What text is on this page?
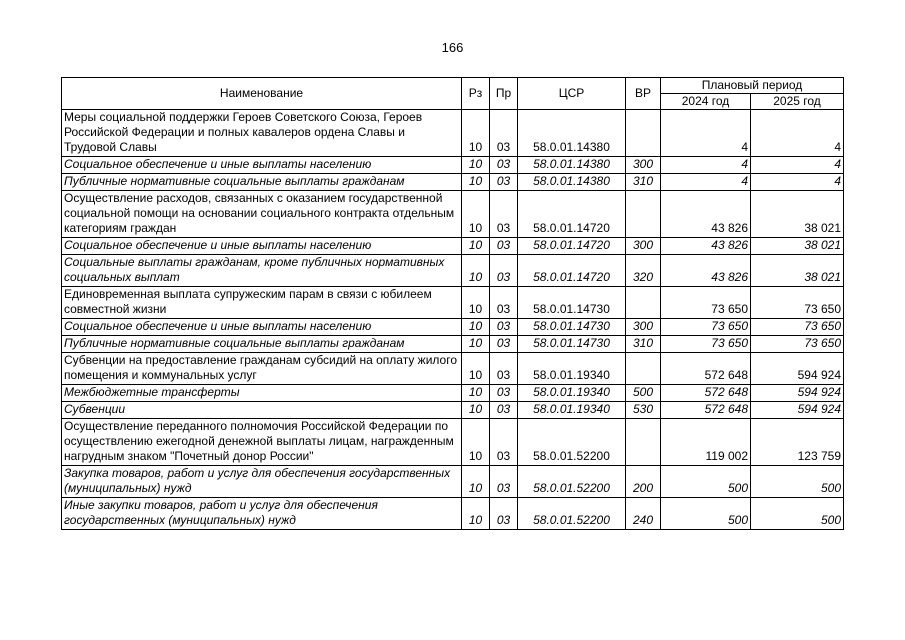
166
Наименование	Рз	Пр	ЦСР	ВР	Плановый период	
					2024 год	2025 год
Меры социальной поддержки Героев Советского Союза, Героев Российской Федерации и полных кавалеров ордена Славы и Трудовой Славы	10	03	58.0.01.14380		4	4
Социальное обеспечение и иные выплаты населению	10	03	58.0.01.14380	300	4	4
Публичные нормативные социальные выплаты гражданам	10	03	58.0.01.14380	310	4	4
Осуществление расходов, связанных с оказанием государственной социальной помощи на основании социального контракта отдельным категориям граждан	10	03	58.0.01.14720		43 826	38 021
Социальное обеспечение и иные выплаты населению	10	03	58.0.01.14720	300	43 826	38 021
Социальные выплаты гражданам, кроме публичных нормативных социальных выплат	10	03	58.0.01.14720	320	43 826	38 021
Единовременная выплата супружеским парам в связи с юбилеем совместной жизни	10	03	58.0.01.14730		73 650	73 650
Социальное обеспечение и иные выплаты населению	10	03	58.0.01.14730	300	73 650	73 650
Публичные нормативные социальные выплаты гражданам	10	03	58.0.01.14730	310	73 650	73 650
Субвенции на предоставление гражданам субсидий на оплату жилого помещения и коммунальных услуг	10	03	58.0.01.19340		572 648	594 924
Межбюджетные трансферты	10	03	58.0.01.19340	500	572 648	594 924
Субвенции	10	03	58.0.01.19340	530	572 648	594 924
Осуществление переданного полномочия Российской Федерации по осуществлению ежегодной денежной выплаты лицам, награжденным нагрудным знаком "Почетный донор России"	10	03	58.0.01.52200		119 002	123 759
Закупка товаров, работ и услуг для обеспечения государственных (муниципальных) нужд	10	03	58.0.01.52200	200	500	500
Иные закупки товаров, работ и услуг для обеспечения государственных (муниципальных) нужд	10	03	58.0.01.52200	240	500	500
